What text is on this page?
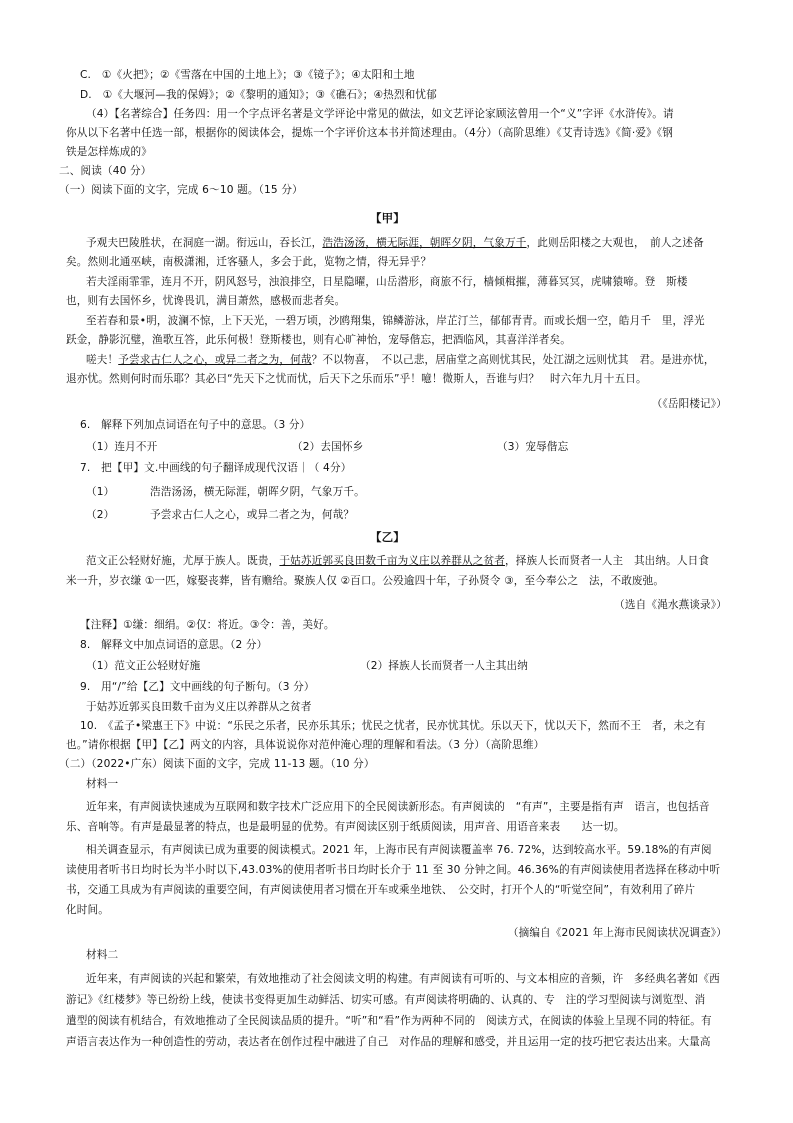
C.　①《火把》；②《雪落在中国的土地上》；③《镜子》；④太阳和土地
D.　①《大堰河—我的保姆》；②《黎明的通知》；③《礁石》；④热烈和忧郁
（4）【名著综合】任务四：用一个字点评名著是文学评论中常见的做法，如文艺评论家顾泫曾用一个“义”字评《水浒传》。请
你从以下名著中任选一部，根据你的阅读体会，提炼一个字评价这本书并简述理由。（4分）（高阶思维）《艾青诗选》《简·爱》《钢
铁是怎样炼成的》
二、阅读（40 分）
（一）阅读下面的文字，完成 6～10 题。（15 分）
【甲】
予观夫巴陵胜状，在洞庭一湖。衔远山，吞长江，浩浩汤汤，横无际涯，朝晖夕阴，气象万千，此则岳阳楼之大观也，　前人之述备
矣。然则北通巫峡，南极潇湘，迁客骚人，多会于此，览物之情，得无异乎？
若夫淫雨霏霏，连月不开，阴风怒号，浊浪排空，日星隐曜，山岳潜形，商旅不行，樯倾楫摧，薄暮冥冥，虎啸猿啼。登　斯楼
也，则有去国怀乡，忧谗畏讥，满目萧然，感极而悲者矣。
至若春和景•明，波澜不惊，上下天光，一碧万顷，沙鸥翔集，锦鳞游泳，岸芷汀兰，郁郁青青。而或长烟一空，皓月千　里，浮光
跃金，静影沉璧，渔歌互答，此乐何极！登斯楼也，则有心旷神怡，宠辱偕忘，把酒临风，其喜洋洋者矣。
嗟夫！予尝求古仁人之心，或异二者之为，何哉？不以物喜，　不以己悲，居庙堂之高则忧其民，处江湖之远则忧其　君。是进亦忧，
退亦忧。然则何时而乐耶？其必曰“先天下之忧而忧，后天下之乐而乐”乎！噫！微斯人，吾谁与归？　时六年九月十五日。
（《岳阳楼记》）
6.　解释下列加点词语在句子中的意思。（3 分）
（1）连月不开	（2）去国怀乡	（3）宠辱偕忘
7.　把【甲】文.中画线的句子翻译成现代汉语｜（ 4分）
（1）	浩浩汤汤，横无际涯，朝晖夕阴，气象万千。
（2）	予尝求古仁人之心，或异二者之为，何哉？
【乙】
范文正公轻财好施，尤厚于族人。既贵，于姑苏近郭买良田数千亩为义庄以养群从之贫者，择族人长而贤者一人主　其出纳。人日食
米一升，岁衣缣 ①一匹，嫁娶丧葬，皆有赡给。聚族人仅 ②百口。公殁逾四十年，子孙贤令 ③，至今奉公之　法，不敢废弛。
（选自《渑水燕谈录》）
【注释】①缣：细绢。②仅：将近。③令：善，美好。
8.　解释文中加点词语的意思。（2 分）
（1）范文正公轻财好施	（2）择族人长而贤者一人主其出纳
9.　用“/”给【乙】文中画线的句子断句。（3 分）
于姑苏近郭买良田数千亩为义庄以养群从之贫者
10.　《孟子•梁惠王下》中说：“乐民之乐者，民亦乐其乐；忧民之忧者，民亦忧其忧。乐以天下，忧以天下，然而不王　者，未之有
也。”请你根据【甲】【乙】两文的内容，具体说说你对范仲淹心理的理解和看法。（3 分）（高阶思维）
（二）（2022•广东）阅读下面的文字，完成 11-13 题。（10 分）
材料一
近年来，有声阅读快速成为互联网和数字技术广泛应用下的全民阅读新形态。有声阅读的　“有声”，主要是指有声　语言，也包括音
乐、音响等。有声是最显著的特点，也是最明显的优势。有声阅读区别于纸质阅读，用声音、用语音来表　　达一切。
相关调查显示，有声阅读已成为重要的阅读模式。2021 年，上海市民有声阅读覆盖率 76. 72%，达到较高水平。59.18%的有声阅
读使用者听书日均时长为半小时以下,43.03%的使用者听书日均时长介于 11 至 30 分钟之间。46.36%的有声阅读使用者选择在移动中听
书，交通工具成为有声阅读的重要空间，有声阅读使用者习惯在开车或乘坐地铁、　公交时，打开个人的“听觉空间”，有效利用了碎片
化时间。
（摘编自《2021 年上海市民阅读状况调查》）
材料二
近年来，有声阅读的兴起和繁荣，有效地推动了社会阅读文明的构建。有声阅读有可听的、与文本相应的音频，许　多经典名著如《西
游记》《红楼梦》等已纷纷上线，使读书变得更加生动鲜活、切实可感。有声阅读将明确的、认真的、专　注的学习型阅读与浏览型、消
遣型的阅读有机结合，有效地推动了全民阅读品质的提升。“听”和“看”作为两种不同的　阅读方式，在阅读的体验上呈现不同的特征。有
声语言表达作为一种创造性的劳动，表达者在创作过程中融进了自己　对作品的理解和感受，并且运用一定的技巧把它表达出来。大量高
